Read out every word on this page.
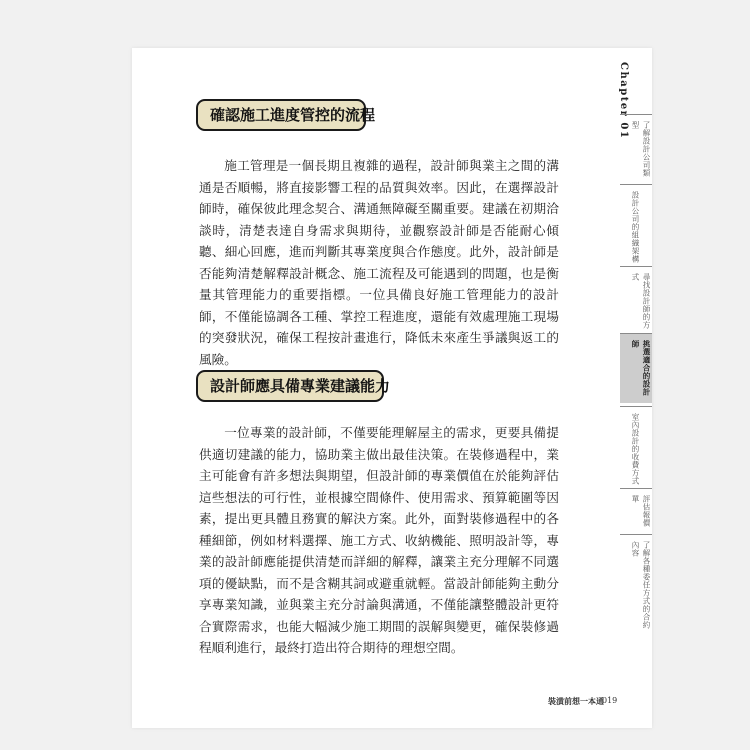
確認施工進度管控的流程
施工管理是一個長期且複雜的過程，設計師與業主之間的溝通是否順暢，將直接影響工程的品質與效率。因此，在選擇設計師時，確保彼此理念契合、溝通無障礙至關重要。建議在初期洽談時，清楚表達自身需求與期待，並觀察設計師是否能耐心傾聽、細心回應，進而判斷其專業度與合作態度。此外，設計師是否能夠清楚解釋設計概念、施工流程及可能遇到的問題，也是衡量其管理能力的重要指標。一位具備良好施工管理能力的設計師，不僅能協調各工種、掌控工程進度，還能有效處理施工現場的突發狀況，確保工程按計畫進行，降低未來產生爭議與返工的風險。
設計師應具備專業建議能力
一位專業的設計師，不僅要能理解屋主的需求，更要具備提供適切建議的能力，協助業主做出最佳決策。在裝修過程中，業主可能會有許多想法與期望，但設計師的專業價值在於能夠評估這些想法的可行性，並根據空間條件、使用需求、預算範圍等因素，提出更具體且務實的解決方案。此外，面對裝修過程中的各種細節，例如材料選擇、施工方式、收納機能、照明設計等，專業的設計師應能提供清楚而詳細的解釋，讓業主充分理解不同選項的優缺點，而不是含糊其詞或避重就輕。當設計師能夠主動分享專業知識，並與業主充分討論與溝通，不僅能讓整體設計更符合實際需求，也能大幅減少施工期間的誤解與變更，確保裝修過程順利進行，最終打造出符合期待的理想空間。
Chapter 01
了解設計公司類型
設計公司的組織架構
尋找設計師的方式
挑選適合的設計師
室內設計的收費方式
評估報價單
了解各種委任方式的合約內容
裝潢前想一本通
019
